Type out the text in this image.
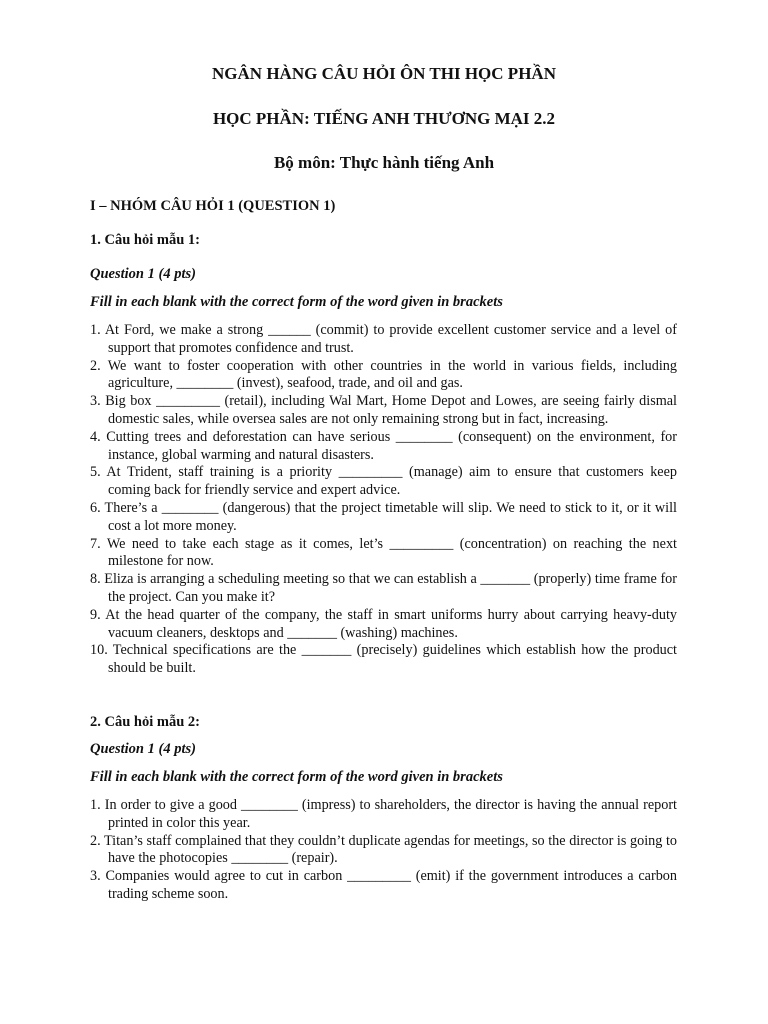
NGÂN HÀNG CÂU HỎI ÔN THI HỌC PHẦN
HỌC PHẦN: TIẾNG ANH THƯƠNG MẠI 2.2
Bộ môn: Thực hành tiếng Anh
I – NHÓM CÂU HỎI 1 (QUESTION 1)
1. Câu hỏi mẫu 1:
Question 1 (4 pts)
Fill in each blank with the correct form of the word given in brackets
1. At Ford, we make a strong ______ (commit) to provide excellent customer service and a level of support that promotes confidence and trust.
2. We want to foster cooperation with other countries in the world in various fields, including agriculture, ________ (invest), seafood, trade, and oil and gas.
3. Big box _________ (retail), including Wal Mart, Home Depot and Lowes, are seeing fairly dismal domestic sales, while oversea sales are not only remaining strong but in fact, increasing.
4. Cutting trees and deforestation can have serious ________ (consequent) on the environment, for instance, global warming and natural disasters.
5. At Trident, staff training is a priority _________ (manage) aim to ensure that customers keep coming back for friendly service and expert advice.
6. There’s a ________ (dangerous) that the project timetable will slip. We need to stick to it, or it will cost a lot more money.
7. We need to take each stage as it comes, let’s _________ (concentration) on reaching the next milestone for now.
8. Eliza is arranging a scheduling meeting so that we can establish a _______ (properly) time frame for the project. Can you make it?
9. At the head quarter of the company, the staff in smart uniforms hurry about carrying heavy-duty vacuum cleaners, desktops and _______ (washing) machines.
10. Technical specifications are the _______ (precisely) guidelines which establish how the product should be built.
2. Câu hỏi mẫu 2:
Question 1 (4 pts)
Fill in each blank with the correct form of the word given in brackets
1. In order to give a good ________ (impress) to shareholders, the director is having the annual report printed in color this year.
2. Titan’s staff complained that they couldn’t duplicate agendas for meetings, so the director is going to have the photocopies ________ (repair).
3. Companies would agree to cut in carbon _________ (emit) if the government introduces a carbon trading scheme soon.
